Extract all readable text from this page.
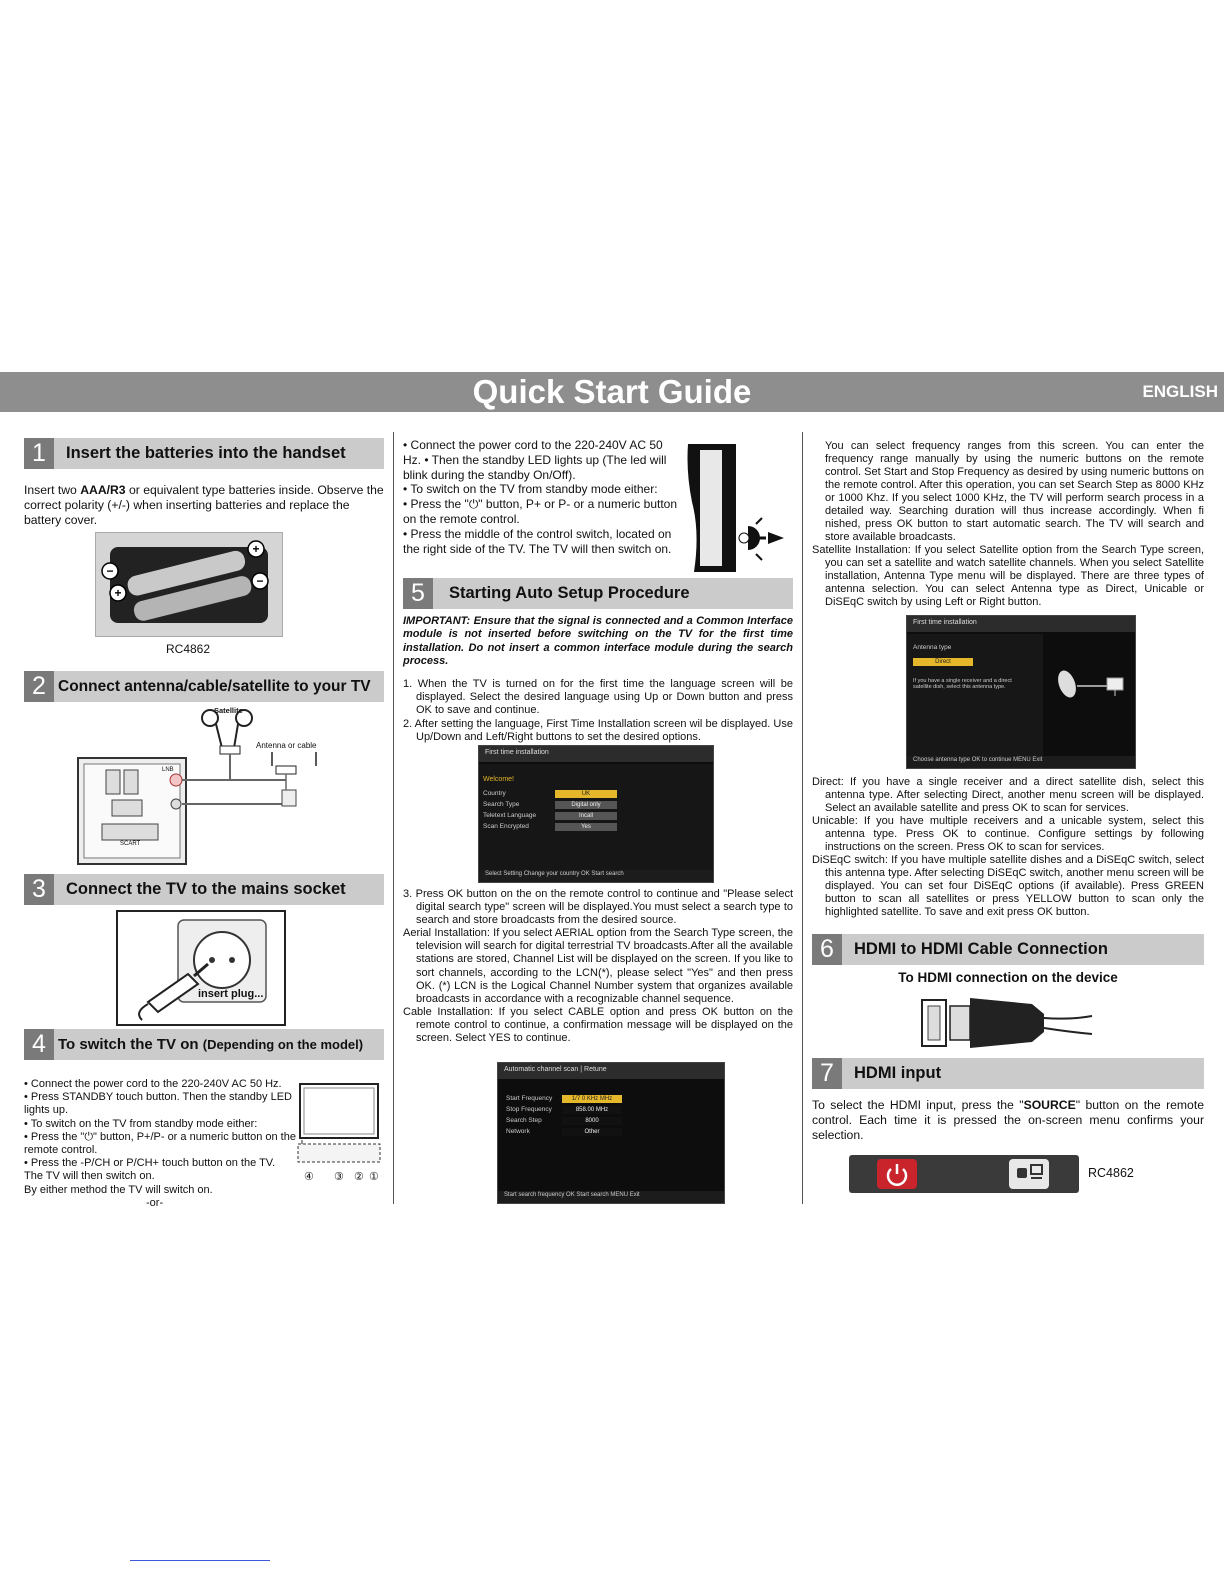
Quick Start Guide	ENGLISH
1	Insert the batteries into the handset
Insert two AAA/R3 or equivalent type batteries inside. Observe the correct polarity (+/-) when inserting batteries and replace the battery cover.
−
+
+
−
RC4862
2 Connect antenna/cable/satellite to your TV
Satellite
Antenna or cable
LNB
SCART
3	Connect the TV to the mains socket
insert plug...
4 To switch the TV on (Depending on the model)

• Connect the power cord to the 220-240V AC 50 Hz.

• Press STANDBY touch button. Then the standby LED lights up.

• To switch on the TV from standby mode either:

• Press the "⏻" button, P+/P- or a numeric button on the remote control.

• Press the -P/CH or P/CH+ touch button on the TV. The TV will then switch on.

By either method the TV will switch on.

-or-

④ ③ ② ①

• Connect the power cord to the 220-240V AC 50 Hz. • Then the standby LED lights up (The led will blink during the standby On/Off).

• To switch on the TV from standby mode either:

• Press the "⏻" button, P+ or P- or a numeric button on the remote control.

• Press the middle of the control switch, located on the right side of the TV. The TV will then switch on.

5	Starting Auto Setup Procedure
IMPORTANT: Ensure that the signal is connected and a Common Interface module is not inserted before switching on the TV for the first time installation. Do not insert a common interface module during the search process.

1. When the TV is turned on for the first time the language screen will be displayed. Select the desired language using Up or Down button and press OK to save and continue.

2. After setting the language, First Time Installation screen wil be displayed. Use Up/Down and Left/Right buttons to set the desired options.

First time installation
Welcome!
Country	UK
Search Type	Digital only
Teletext Language	Incall
Scan Encrypted	Yes
Select Setting Change your country OK Start search

3. Press OK button on the on the remote control to continue and "Please select digital search type" screen will be displayed.You must select a search type to search and store broadcasts from the desired source.

Aerial Installation: If you select AERIAL option from the Search Type screen, the television will search for digital terrestrial TV broadcasts.After all the available stations are stored, Channel List will be displayed on the screen. If you like to sort channels, according to the LCN(*), please select "Yes" and then press OK. (*) LCN is the Logical Channel Number system that organizes available broadcasts in accordance with a recognizable channel sequence.

Cable Installation: If you select CABLE option and press OK button on the remote control to continue, a confirmation message will be displayed on the screen. Select YES to continue.

Automatic channel scan | Retune
Start Frequency	1/7 0 KHz MHz
Stop Frequency	858.00 MHz
Search Step	8000
Network	Other
Start search frequency OK Start search MENU Exit

You can select frequency ranges from this screen. You can enter the frequency range manually by using the numeric buttons on the remote control. Set Start and Stop Frequency as desired by using numeric buttons on the remote control. After this operation, you can set Search Step as 8000 KHz or 1000 Khz. If you select 1000 KHz, the TV will perform search process in a detailed way. Searching duration will thus increase accordingly. When fi nished, press OK button to start automatic search. The TV will search and store available broadcasts.

Satellite Installation: If you select Satellite option from the Search Type screen, you can set a satellite and watch satellite channels. When you select Satellite installation, Antenna Type menu will be displayed. There are three types of antenna selection. You can select Antenna type as Direct, Unicable or DiSEqC switch by using Left or Right button.

First time installation
Antenna type
Direct
If you have a single receiver and a direct satellite dish, select this antenna type.
Choose antenna type OK to continue MENU Exit

Direct: If you have a single receiver and a direct satellite dish, select this antenna type. After selecting Direct, another menu screen will be displayed. Select an available satellite and press OK to scan for services.

Unicable: If you have multiple receivers and a unicable system, select this antenna type. Press OK to continue. Configure settings by following instructions on the screen. Press OK to scan for services.

DiSEqC switch: If you have multiple satellite dishes and a DiSEqC switch, select this antenna type. After selecting DiSEqC switch, another menu screen will be displayed. You can set four DiSEqC options (if available). Press GREEN button to scan all satellites or press YELLOW button to scan only the highlighted satellite. To save and exit press OK button.

6	HDMI to HDMI Cable Connection
To HDMI connection on the device
7	HDMI input
To select the HDMI input, press the "SOURCE" button on the remote control. Each time it is pressed the on-screen menu confirms your selection.
RC4862
